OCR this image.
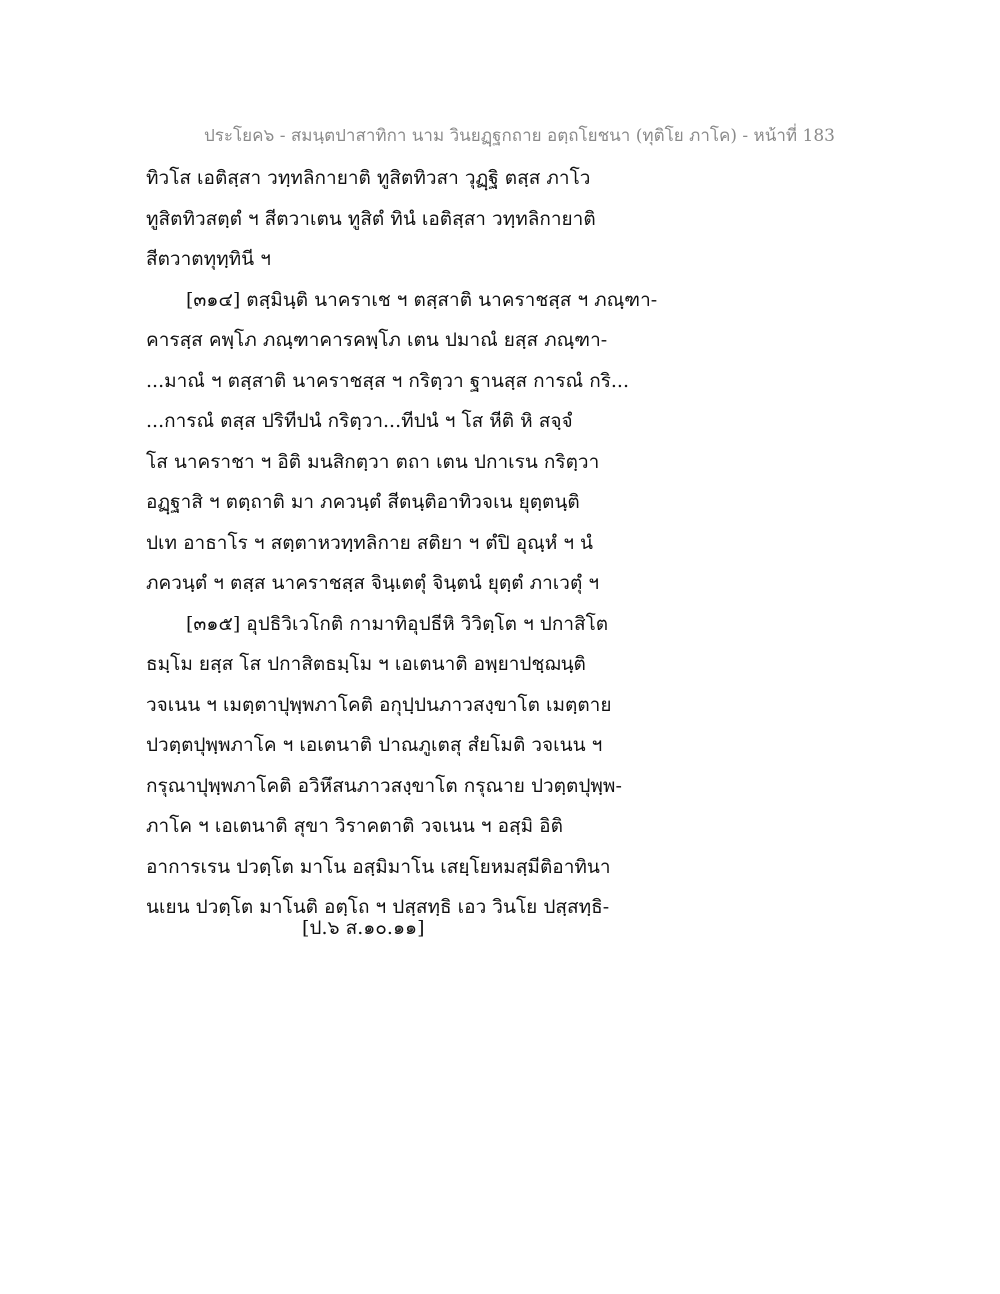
ประโยค๖ - สมนฺตปาสาทิกา นาม วินยฏฺฐกถาย อตฺถโยชนา (ทุติโย ภาโค) - หน้าที่ 183
ทิวโส เอติสฺสา วทฺทลิกายาติ ทูสิตทิวสา วุฏฺฐิ ตสฺส ภาโว
ทูสิตทิวสตฺตํ ฯ สีตวาเตน ทูสิตํ ทินํ เอติสฺสา วทฺทลิกายาติ
สีตวาตทุทฺทินี ฯ
[๓๑๔] ตสฺมินฺติ นาคราเช ฯ ตสฺสาติ นาคราชสฺส ฯ ภณฺฑา-
คารสฺส คพฺโภ ภณฺฑาคารคพฺโภ เตน ปมาณํ ยสฺส ภณฺฑา-
...มาณํ ฯ ตสฺสาติ นาคราชสฺส ฯ กริตฺวา ฐานสฺส การณํ กริ...
...การณํ ตสฺส ปริทีปนํ กริตฺวา...ทีปนํ ฯ โส หีติ หิ สจฺจํ
โส นาคราชา ฯ อิติ มนสิกตฺวา ตถา เตน ปกาเรน กริตฺวา
อฏฺฐาสิ ฯ ตตฺถาติ มา ภควนฺตํ สีตนฺติอาทิวจเน ยุตฺตนฺติ
ปเท อาธาโร ฯ สตฺตาหวทฺทลิกาย สติยา ฯ ตํปิ อุณฺหํ ฯ นํ
ภควนฺตํ ฯ ตสฺส นาคราชสฺส จินฺเตตุํ จินฺตนํ ยุตฺตํ ภาเวตุํ ฯ
[๓๑๕] อุปธิวิเวโกติ กามาทิอุปธีหิ วิวิตฺโต ฯ ปกาสิโต
ธมฺโม ยสฺส โส ปกาสิตธมฺโม ฯ เอเตนาติ อพฺยาปชฺฌนฺติ
วจเนน ฯ เมตฺตาปุพฺพภาโคติ อกุปฺปนภาวสงฺขาโต เมตฺตาย
ปวตฺตปุพฺพภาโค ฯ เอเตนาติ ปาณภูเตสุ สํยโมติ วจเนน ฯ
กรุณาปุพฺพภาโคติ อวิหึสนภาวสงฺขาโต กรุณาย ปวตฺตปุพฺพ-
ภาโค ฯ เอเตนาติ สุขา วิราคตาติ วจเนน ฯ อสฺมิ อิติ
อาการเรน ปวตฺโต มาโน อสฺมิมาโน เสยฺโยหมสฺมีติอาทินา
นเยน ปวตฺโต มาโนติ อตฺโถ ฯ ปสฺสทฺธิ เอว วินโย ปสฺสทฺธิ-
[ป.๖ ส.๑๐.๑๑]
